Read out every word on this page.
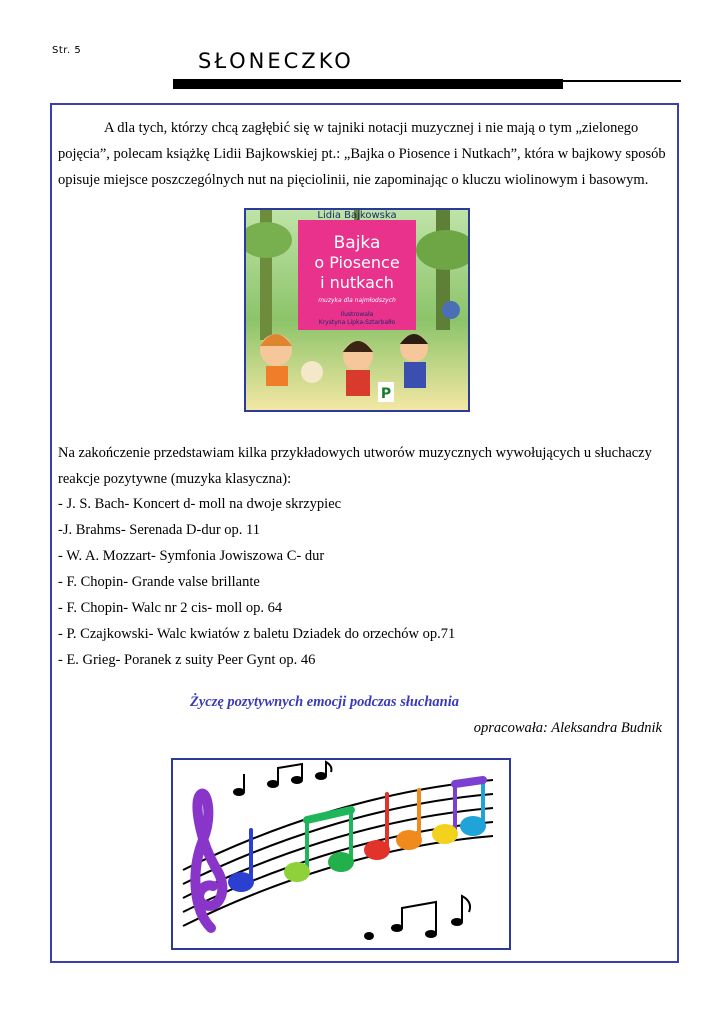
Str. 5	SŁONECZKO

A dla tych, którzy chcą zagłębić się w tajniki notacji muzycznej i nie mają o tym „zielonego pojęcia”, polecam książkę Lidii Bajkowskiej pt.: „Bajka o Piosence i Nutkach”, która w bajkowy sposób opisuje miejsce poszczególnych nut na pięciolinii, nie zapominając o kluczu wiolinowym i basowym.

Lidia Bajkowska
Bajka
o Piosence
i nutkach
muzyka dla najmłodszych
Ilustrowała
Krystyna Lipka-Sztarbałło
P

Na zakończenie przedstawiam kilka przykładowych utworów muzycznych wywołujących u słuchaczy reakcje pozytywne (muzyka klasyczna):

- J. S. Bach- Koncert d- moll na dwoje skrzypiec
-J. Brahms- Serenada D-dur op. 11
- W. A. Mozzart- Symfonia Jowiszowa C- dur
- F. Chopin- Grande valse brillante
- F. Chopin- Walc nr 2 cis- moll op. 64
- P. Czajkowski- Walc kwiatów z baletu Dziadek do orzechów op.71
- E. Grieg- Poranek z suity Peer Gynt op. 46
Życzę pozytywnych emocji podczas słuchania
opracowała: Aleksandra Budnik
